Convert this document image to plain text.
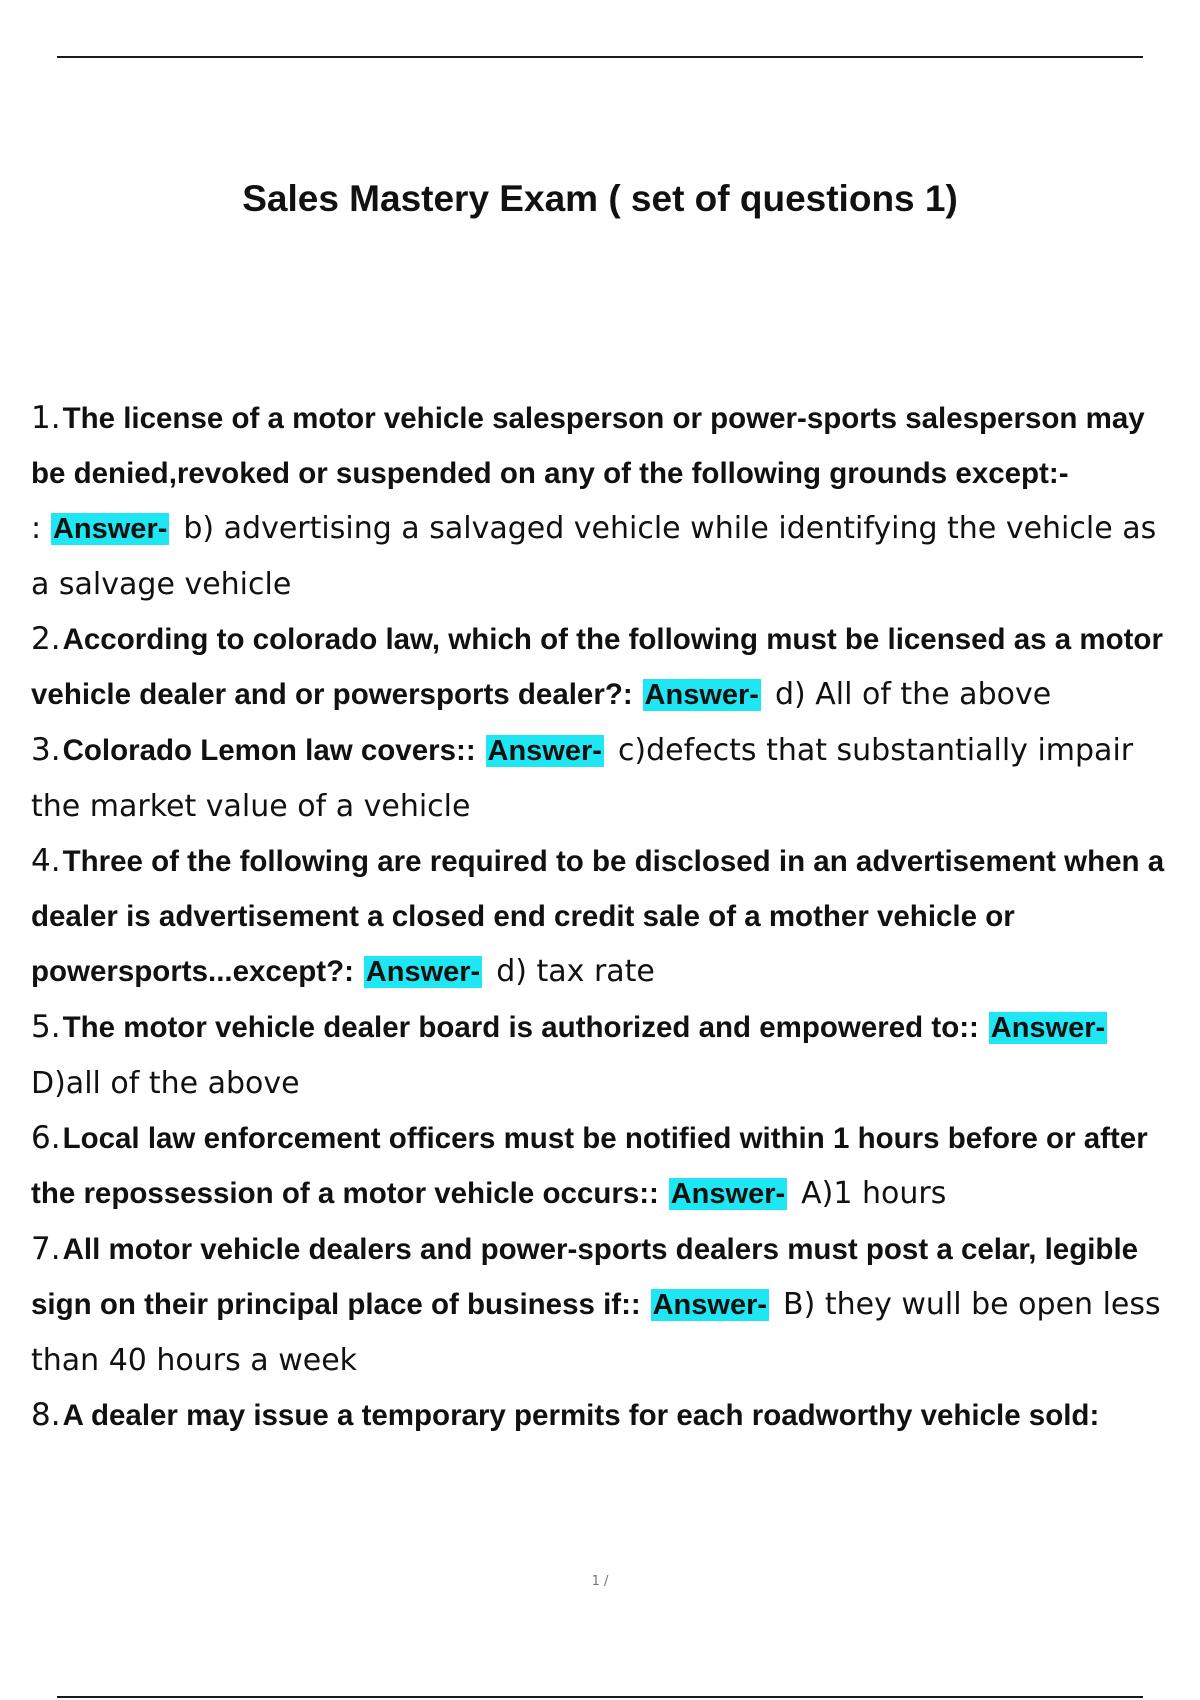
Sales Mastery Exam ( set of questions 1)

1.The license of a motor vehicle salesperson or power-sports salesperson may be denied,revoked or suspended on any of the following grounds except:-
: Answer- b) advertising a salvaged vehicle while identifying the vehicle as a salvage vehicle

2.According to colorado law, which of the following must be licensed as a motor vehicle dealer and or powersports dealer?: Answer- d) All of the above

3.Colorado Lemon law covers:: Answer- c)defects that substantially impair the market value of a vehicle

4.Three of the following are required to be disclosed in an advertisement when a dealer is advertisement a closed end credit sale of a mother vehicle or powersports...except?: Answer- d) tax rate

5.The motor vehicle dealer board is authorized and empowered to:: Answer-
D)all of the above

6.Local law enforcement officers must be notified within 1 hours before or after the repossession of a motor vehicle occurs:: Answer- A)1 hours

7.All motor vehicle dealers and power-sports dealers must post a celar, legible sign on their principal place of business if:: Answer- B) they wull be open less than 40 hours a week

8.A dealer may issue a temporary permits for each roadworthy vehicle sold:

1 /
